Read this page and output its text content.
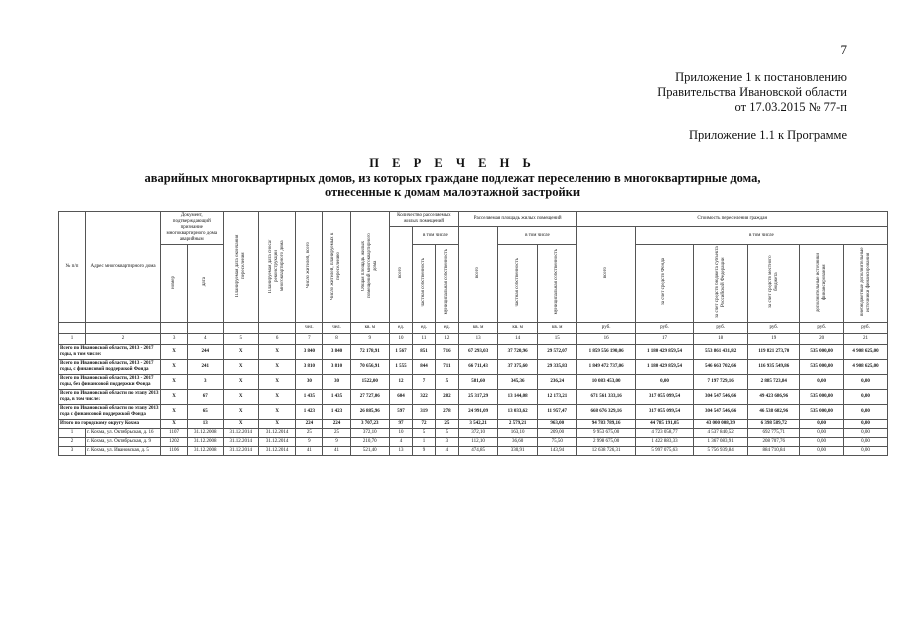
7
Приложение 1 к постановлению
Правительства Ивановской области
от 17.03.2015 № 77-п
Приложение 1.1 к Программе
П Е Р Е Ч Е Н Ь
аварийных многоквартирных домов, из которых граждане подлежат переселению в многоквартирные дома,
отнесенные к домам малоэтажной застройки
№ п/п	Адрес многоквартирного дома	Документ, подтверждающий признание многоквартирного дома аварийным		Планируемая дата окончания переселения	Планируемая дата сноса/реконструкции многоквартирного дома	Число жителей, всего	Число жителей, планируемых к переселению	Общая площадь жилых помещений многоквартирного дома	Количество расселяемых жилых помещений			Расселяемая площадь жилых помещений			Стоимость переселения граждан					
									всего	в том числе		всего	в том числе		всего	в том числе				
		номер	дата							частная собственность	муниципальная собственность		частная собственность	муниципальная собственность		за счет средств Фонда	за счет средств бюджета субъекта Российской Федерации	за счет средств местного бюджета	дополнительные источники финансирования	внебюджетные дополнительные источники финансирования
						чел.	чел.	кв. м	ед.	ед.	ед.	кв. м	кв. м	кв. м	руб.	руб.	руб.	руб.	руб.	руб.
1	2	3	4	5	6	7	8	9	10	11	12	13	14	15	16	17	18	19	20	21
Всего по Ивановской области, 2013 - 2017 годы, в том числе:		X	244	X	X	3 840	3 840	72 178,91	1 567	851	716	67 293,03	37 720,96	29 572,07	1 859 556 190,06	1 180 429 859,54	553 861 431,82	119 821 273,70	535 000,00	4 908 625,00
Всего по Ивановской области, 2013 - 2017 годы, с финансовой поддержкой Фонда		X	241	X	X	3 810	3 810	70 656,91	1 555	844	711	66 711,43	37 375,60	29 335,83	1 849 472 737,06	1 180 429 859,54	546 663 702,66	116 935 549,86	535 000,00	4 908 625,00
Всего по Ивановской области, 2013 - 2017 годы, без финансовой поддержки Фонда		X	3	X	X	30	30	1522,00	12	7	5	581,60	345,36	236,24	10 083 453,00	0,00	7 197 729,16	2 885 723,84	0,00	0,00
Всего по Ивановской области по этапу 2013 года, в том числе:		X	67	X	X	1 435	1 435	27 727,06	604	322	282	25 317,29	13 144,08	12 173,21	671 561 333,16	317 055 099,54	304 547 546,66	49 423 686,96	535 000,00	0,00
Всего по Ивановской области по этапу 2013 года с финансовой поддержкой Фонда		X	65	X	X	1 423	1 423	26 885,96	597	319	278	24 991,09	13 033,62	11 957,47	668 676 329,16	317 055 099,54	304 547 546,66	46 538 682,96	535 000,00	0,00
Итого по городскому округу Кохма		X	13	X	X	224	224	3 707,23	97	72	25	3 542,21	2 579,21	963,00	94 783 789,16	44 785 191,05	43 000 008,39	6 398 589,72	0,00	0,00
1	г. Кохма, ул. Октябрьская, д. 16	1107	31.12.2008	31.12.2014	31.12.2014	25	25	372,10	10	5	5	372,10	163,10	209,00	9 953 675,00	4 723 058,77	4 537 840,52	692 775,71	0,00	0,00
2	г. Кохма, ул. Октябрьская, д. 9	1202	31.12.2008	31.12.2014	31.12.2014	9	9	210,70	4	1	3	112,10	36,60	75,50	2 998 675,00	1 422 883,33	1 367 083,91	208 707,76	0,00	0,00
3	г. Кохма, ул. Ивановская, д. 5	1106	31.12.2008	31.12.2014	31.12.2014	41	41	521,40	13	9	4	474,85	330,91	143,94	12 638 726,31	5 997 075,63	5 756 939,84	884 710,84	0,00	0,00
